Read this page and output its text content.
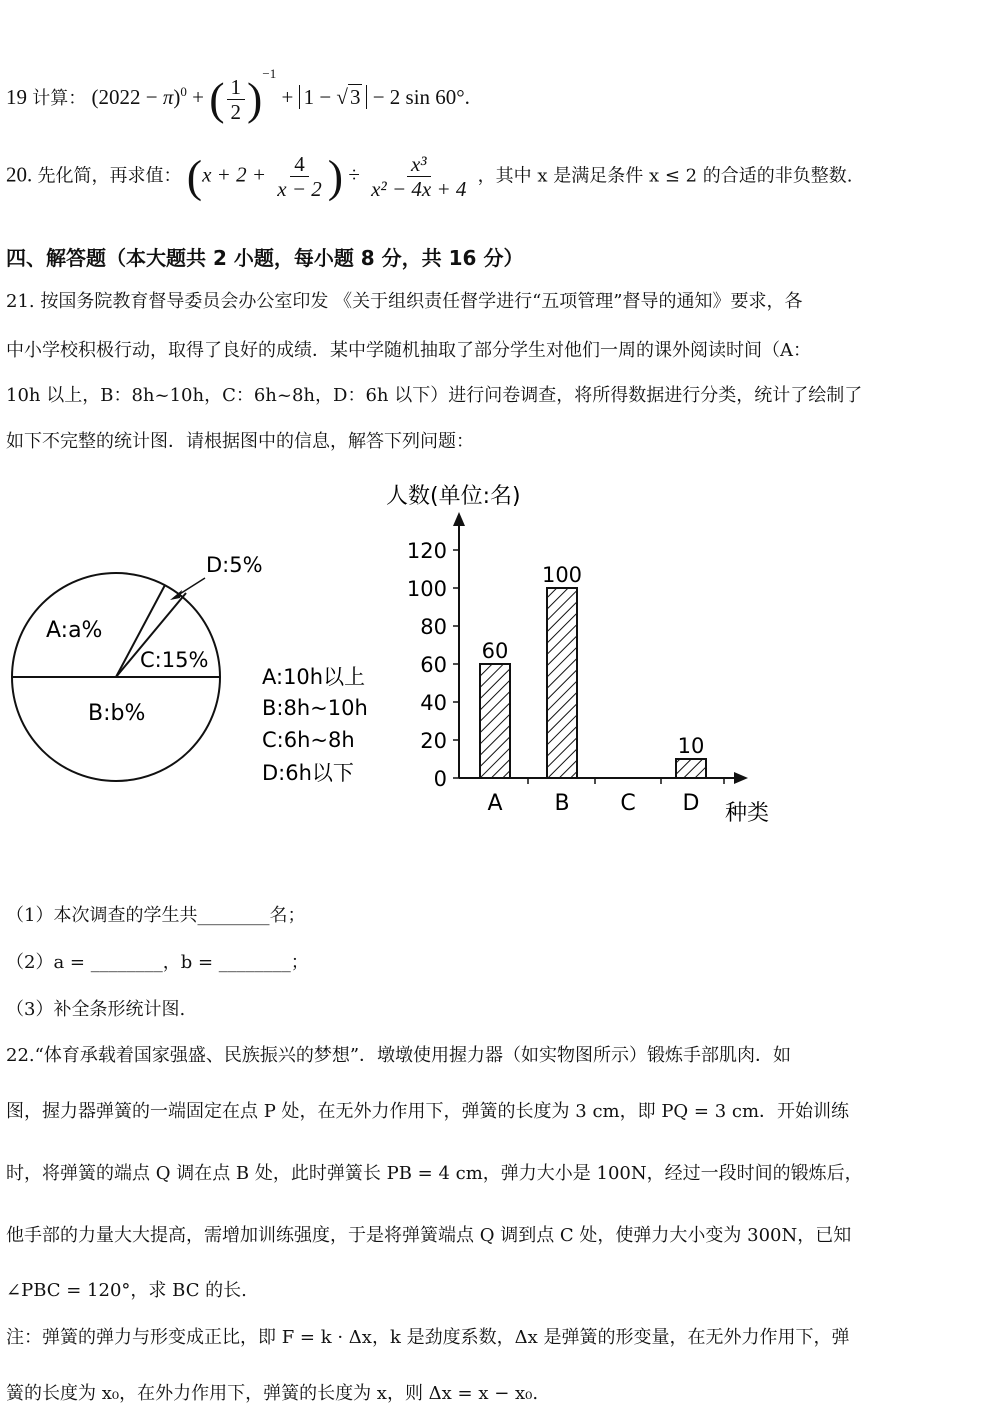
19 计算： $(2022 - \pi)^0$ + ( $\frac{1}{2} )^{-1} + 1 - √3 - 2$ sin 60°.
20. 先化简，再求值： ($x + 2 + \frac{4}{x - 2}$ ) ÷ $\frac{\text{x³}}{\text{x² − 4x + 4}}$ ，其中 x 是满足条件 x ≤ 2 的合适的非负整数.
四、解答题（本大题共 2 小题，每小题 8 分，共 16 分）
21. 按国务院教育督导委员会办公室印发 《关于组织责任督学进行“五项管理”督导的通知》要求，各
中小学校积极行动，取得了良好的成绩．某中学随机抽取了部分学生对他们一周的课外阅读时间（A：
10h 以上，B：8h~10h，C：6h~8h，D：6h 以下）进行问卷调查，将所得数据进行分类，统计了绘制了
如下不完整的统计图．请根据图中的信息，解答下列问题：
A:a%
B:b%
C:15%
D:5%
A:10h以上
B:8h~10h
C:6h~8h
D:6h以下
人数(单位:名)
种类
0
20
40
60
80
100
120
A
60
B
100
C D
10
（1）本次调查的学生共________名；
（2）a = ________，b = ________；
（3）补全条形统计图.
22.“体育承载着国家强盛、民族振兴的梦想”．墩墩使用握力器（如实物图所示）锻炼手部肌肉．如
图，握力器弹簧的一端固定在点 P 处，在无外力作用下，弹簧的长度为 3 cm，即 PQ = 3 cm．开始训练
时，将弹簧的端点 Q 调在点 B 处，此时弹簧长 PB = 4 cm，弹力大小是 100N，经过一段时间的锻炼后，
他手部的力量大大提高，需增加训练强度，于是将弹簧端点 Q 调到点 C 处，使弹力大小变为 300N，已知
∠PBC = 120°，求 BC 的长.
注：弹簧的弹力与形变成正比，即 F = k · Δx，k 是劲度系数，Δx 是弹簧的形变量，在无外力作用下，弹
簧的长度为 x₀，在外力作用下，弹簧的长度为 x，则 Δx = x − x₀.
